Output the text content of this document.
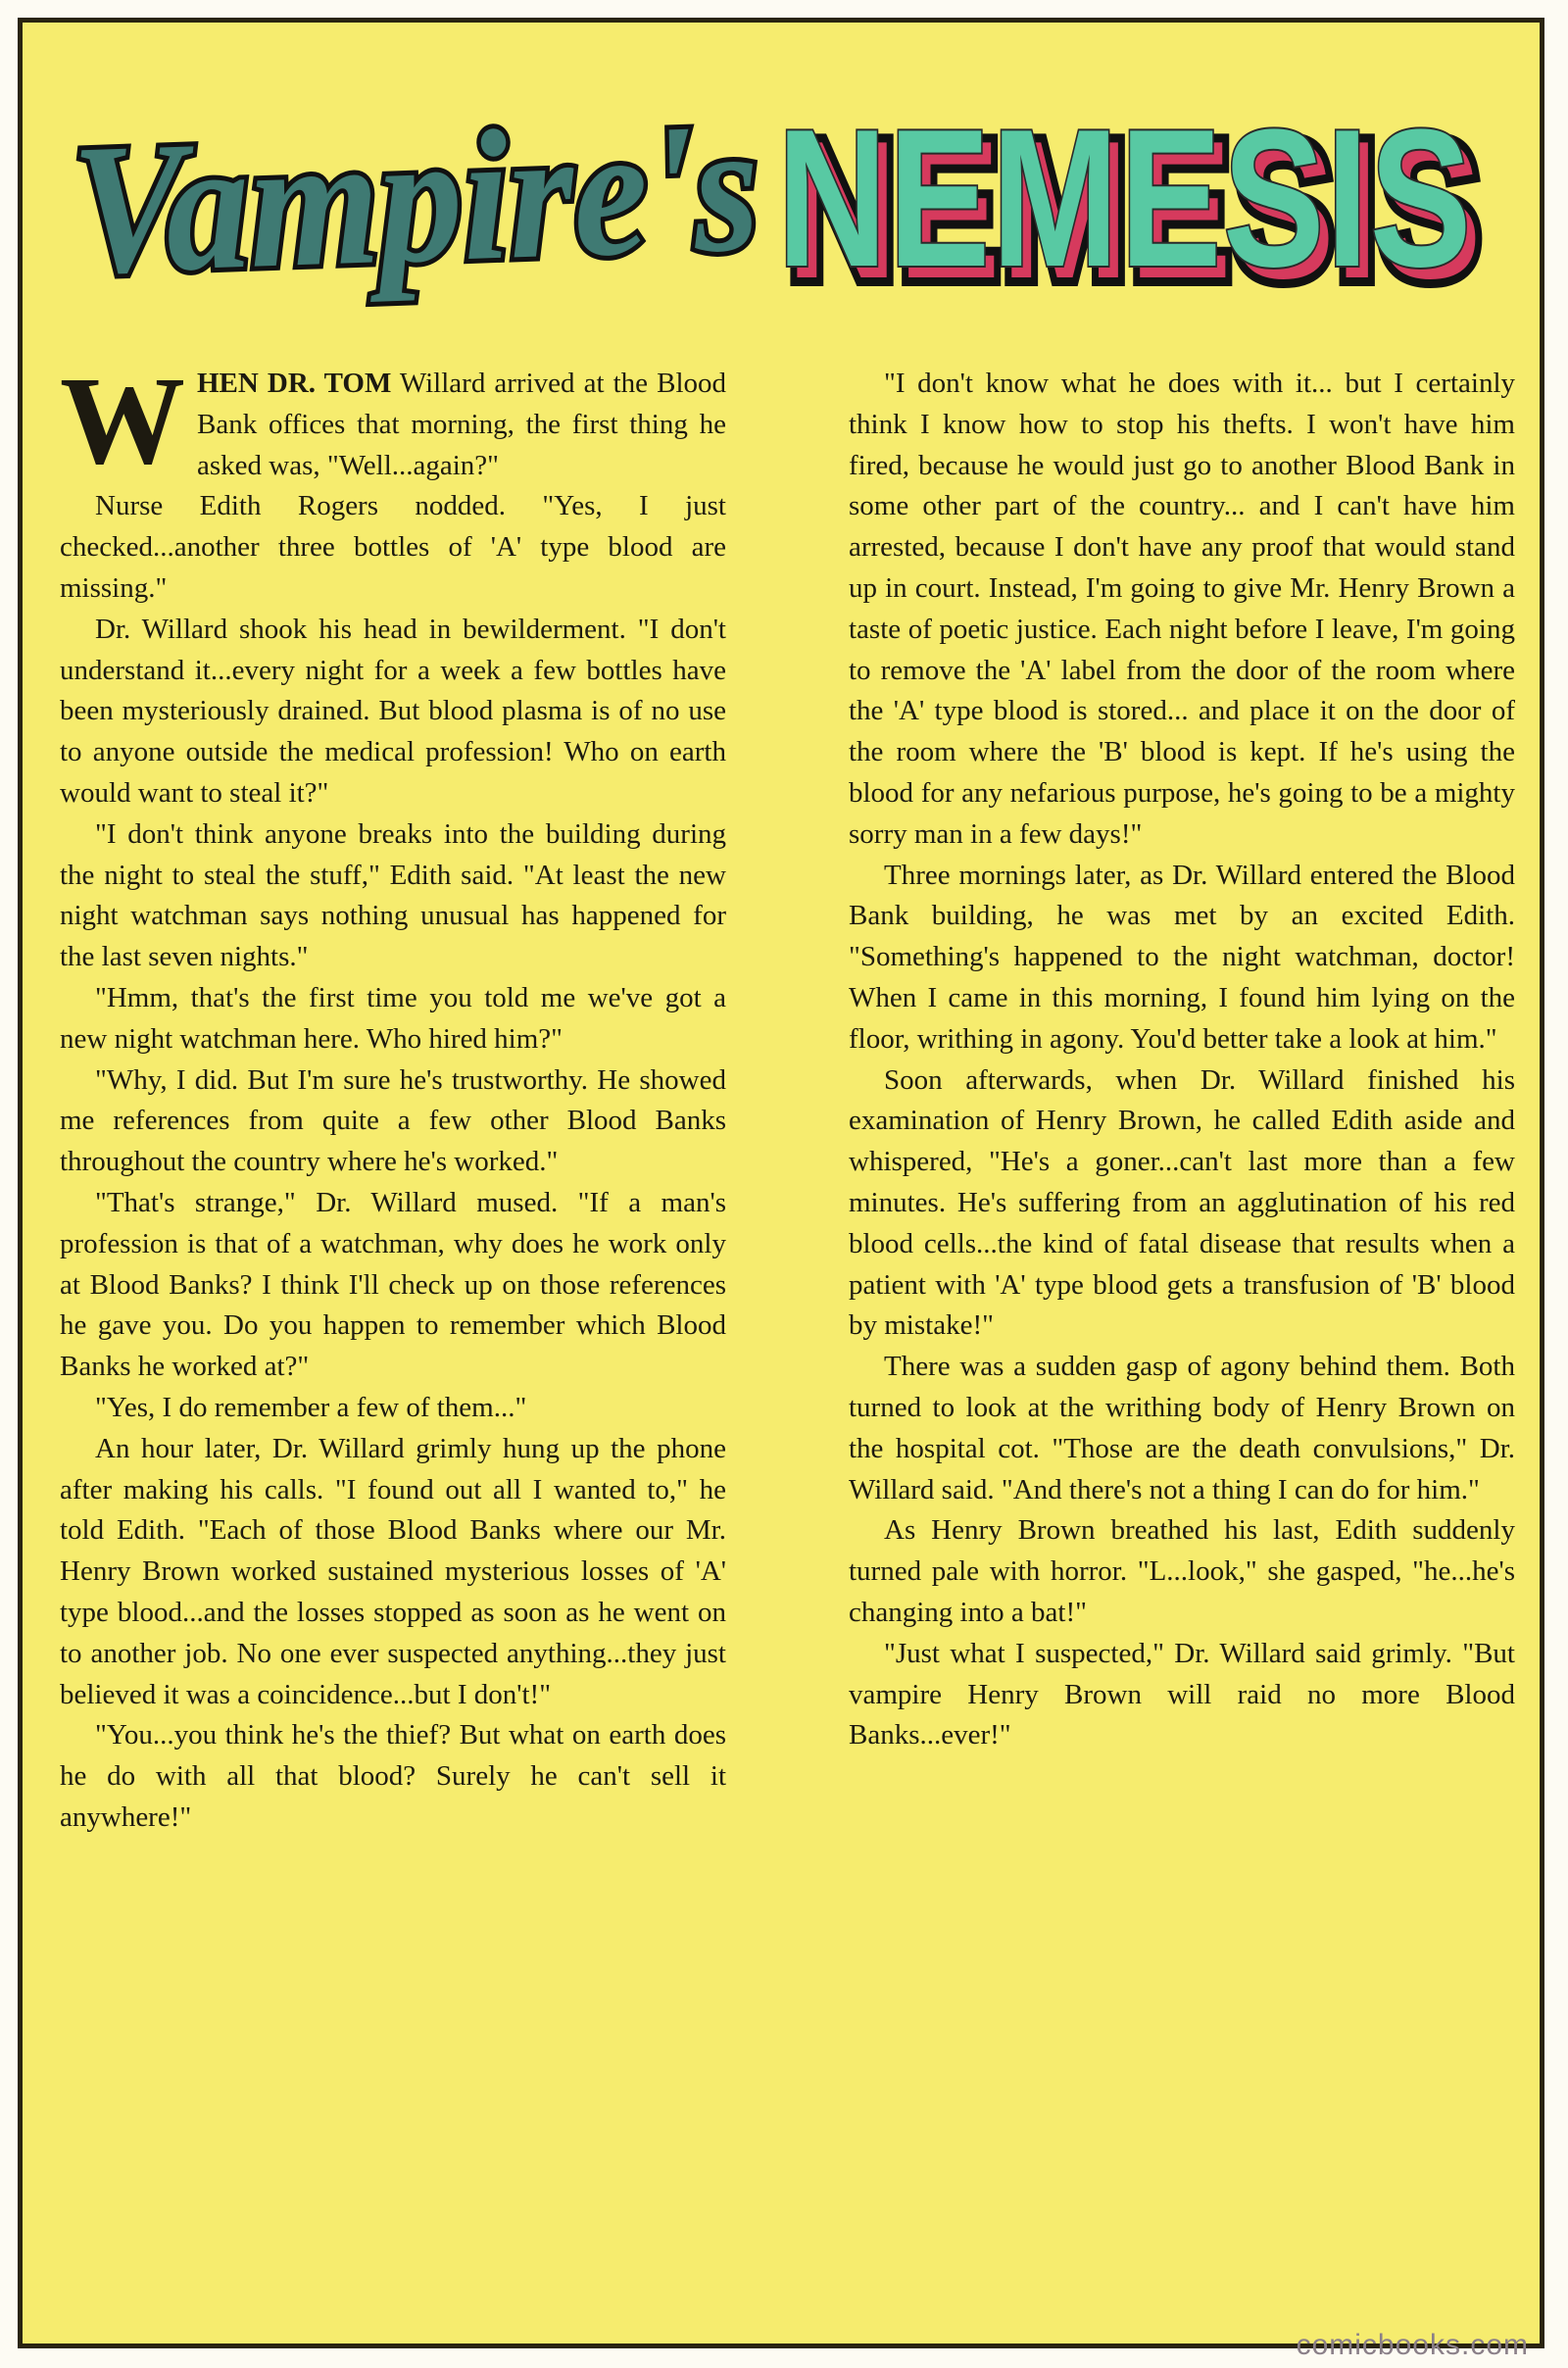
Vampire's
NEMESIS
NEMESIS

WHEN DR. TOM Willard arrived at the Blood Bank offices that morning, the first thing he asked was, "Well...again?"

Nurse Edith Rogers nodded. "Yes, I just checked...another three bottles of 'A' type blood are missing."

Dr. Willard shook his head in bewilderment. "I don't understand it...every night for a week a few bottles have been mysteriously drained. But blood plasma is of no use to anyone outside the medical profession! Who on earth would want to steal it?"

"I don't think anyone breaks into the building during the night to steal the stuff," Edith said. "At least the new night watchman says nothing unusual has happened for the last seven nights."

"Hmm, that's the first time you told me we've got a new night watchman here. Who hired him?"

"Why, I did. But I'm sure he's trustworthy. He showed me references from quite a few other Blood Banks throughout the country where he's worked."

"That's strange," Dr. Willard mused. "If a man's profession is that of a watchman, why does he work only at Blood Banks? I think I'll check up on those references he gave you. Do you happen to remember which Blood Banks he worked at?"

"Yes, I do remember a few of them..."

An hour later, Dr. Willard grimly hung up the phone after making his calls. "I found out all I wanted to," he told Edith. "Each of those Blood Banks where our Mr. Henry Brown worked sustained mysterious losses of 'A' type blood...and the losses stopped as soon as he went on to another job. No one ever suspected anything...they just believed it was a coincidence...but I don't!"

"You...you think he's the thief? But what on earth does he do with all that blood? Surely he can't sell it anywhere!"

"I don't know what he does with it... but I certainly think I know how to stop his thefts. I won't have him fired, because he would just go to another Blood Bank in some other part of the country... and I can't have him arrested, because I don't have any proof that would stand up in court. Instead, I'm going to give Mr. Henry Brown a taste of poetic justice. Each night before I leave, I'm going to remove the 'A' label from the door of the room where the 'A' type blood is stored... and place it on the door of the room where the 'B' blood is kept. If he's using the blood for any nefarious purpose, he's going to be a mighty sorry man in a few days!"

Three mornings later, as Dr. Willard entered the Blood Bank building, he was met by an excited Edith. "Something's happened to the night watchman, doctor! When I came in this morning, I found him lying on the floor, writhing in agony. You'd better take a look at him."

Soon afterwards, when Dr. Willard finished his examination of Henry Brown, he called Edith aside and whispered, "He's a goner...can't last more than a few minutes. He's suffering from an agglutination of his red blood cells...the kind of fatal disease that results when a patient with 'A' type blood gets a transfusion of 'B' blood by mistake!"

There was a sudden gasp of agony behind them. Both turned to look at the writhing body of Henry Brown on the hospital cot. "Those are the death convulsions," Dr. Willard said. "And there's not a thing I can do for him."

As Henry Brown breathed his last, Edith suddenly turned pale with horror. "L...look," she gasped, "he...he's changing into a bat!"

"Just what I suspected," Dr. Willard said grimly. "But vampire Henry Brown will raid no more Blood Banks...ever!"

comicbooks.com
